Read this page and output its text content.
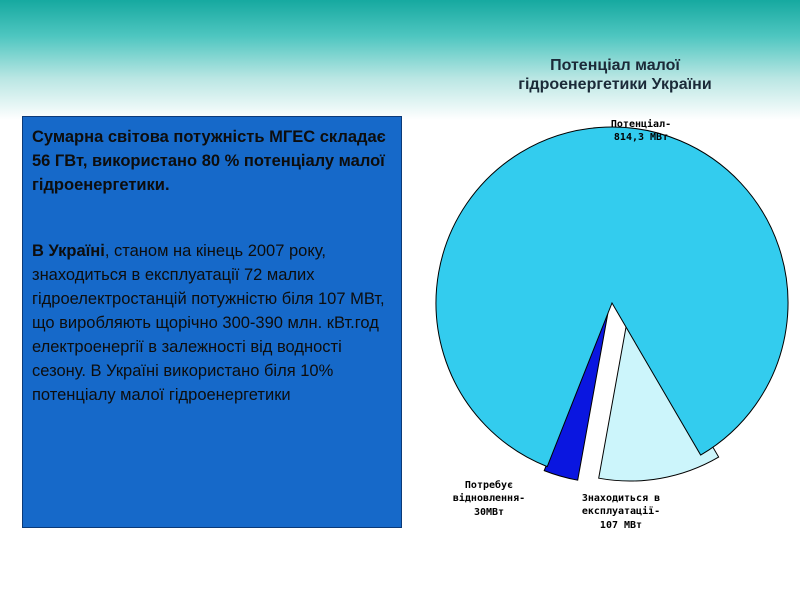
Потенціал малої
гідроенергетики України

Сумарна світова потужність МГЕС складає 56 ГВт, використано 80 % потенціалу малої гідроенергетики.

В Україні, станом на кінець 2007 року, знаходиться в експлуатації 72 малих гідроелектростанцій потужністю біля 107 МВт, що виробляють щорічно 300-390 млн. кВт.год електроенергії в залежності від водності сезону. В Україні використано біля 10% потенціалу малої гідроенергетики

Потенціал-
814,3 МВт
Потребує
відновлення-
30МВт
Знаходиться в
експлуатації-
107 МВт
